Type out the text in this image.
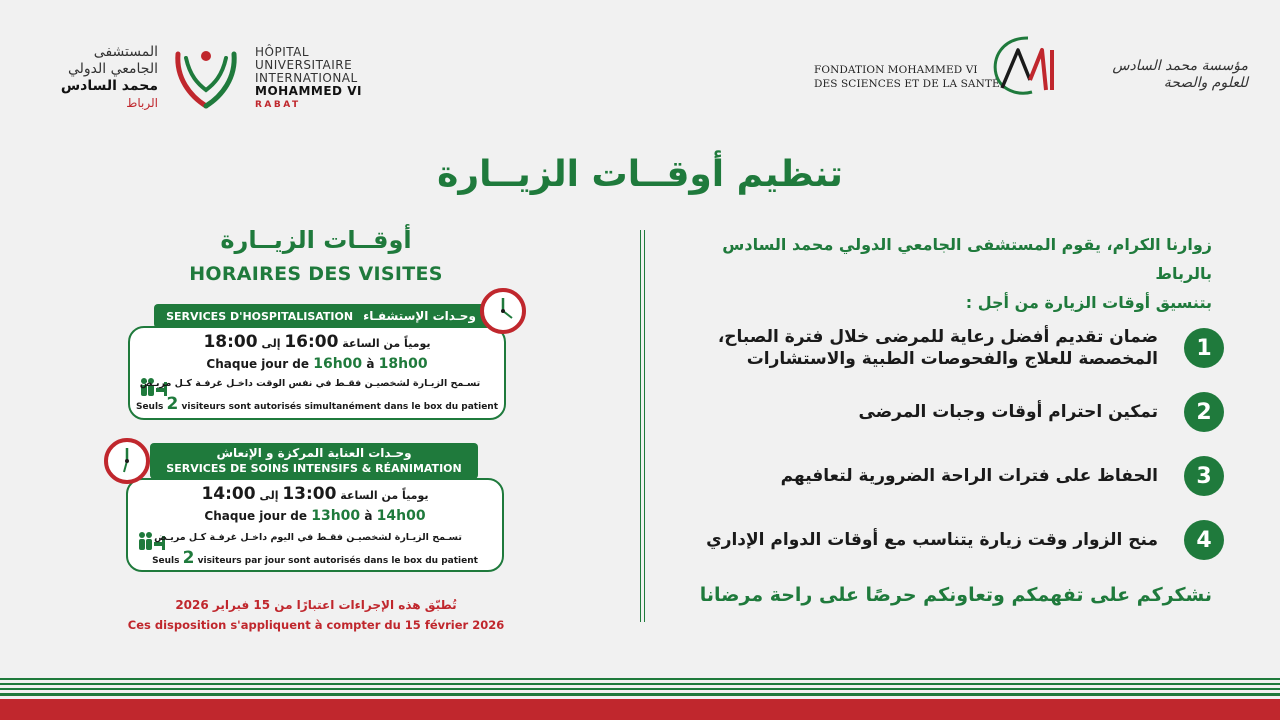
المستشفى
الجامعي الدولي
محمد السادس
الرباط
HÔPITAL
UNIVERSITAIRE
INTERNATIONAL
MOHAMMED VI
RABAT
FONDATION MOHAMMED VI
DES SCIENCES ET DE LA SANTÉ
مؤسسة محمد السادس
للعلوم والصحة
تنظيم أوقــات الزيــارة
زوارنا الكرام، يقوم المستشفى الجامعي الدولي محمد السادس بالرباط
بتنسيق أوقات الزيارة من أجل :
1
ضمان تقديم أفضل رعاية للمرضى خلال فترة الصباح،
المخصصة للعلاج والفحوصات الطبية والاستشارات
2
تمكين احترام أوقات وجبات المرضى
3
الحفاظ على فترات الراحة الضرورية لتعافيهم
4
منح الزوار وقت زيارة يتناسب مع أوقات الدوام الإداري
نشكركم على تفهمكم وتعاونكم حرصًا على راحة مرضانا
أوقــات الزيــارة
HORAIRES DES VISITES
SERVICES D'HOSPITALISATION وحـدات الإستشفـاء
يومياً من الساعة 16:00 إلى 18:00
Chaque jour de 16h00 à 18h00
تسـمح الزيـارة لشخصيـن فقـط في نفس الوقت داخـل غرفـة كـل مريـض
Seuls 2 visiteurs sont autorisés simultanément dans le box du patient
وحـدات العناية المركزة و الإنعاش
SERVICES DE SOINS INTENSIFS & RÉANIMATION
يومياً من الساعة 13:00 إلى 14:00
Chaque jour de 13h00 à 14h00
تسـمح الزيـارة لشخصيـن فقـط في اليوم داخـل غرفـة كـل مريـض
Seuls 2 visiteurs par jour sont autorisés dans le box du patient
تُطبّق هذه الإجراءات اعتبارًا من 15 فبراير 2026
Ces disposition s'appliquent à compter du 15 février 2026
